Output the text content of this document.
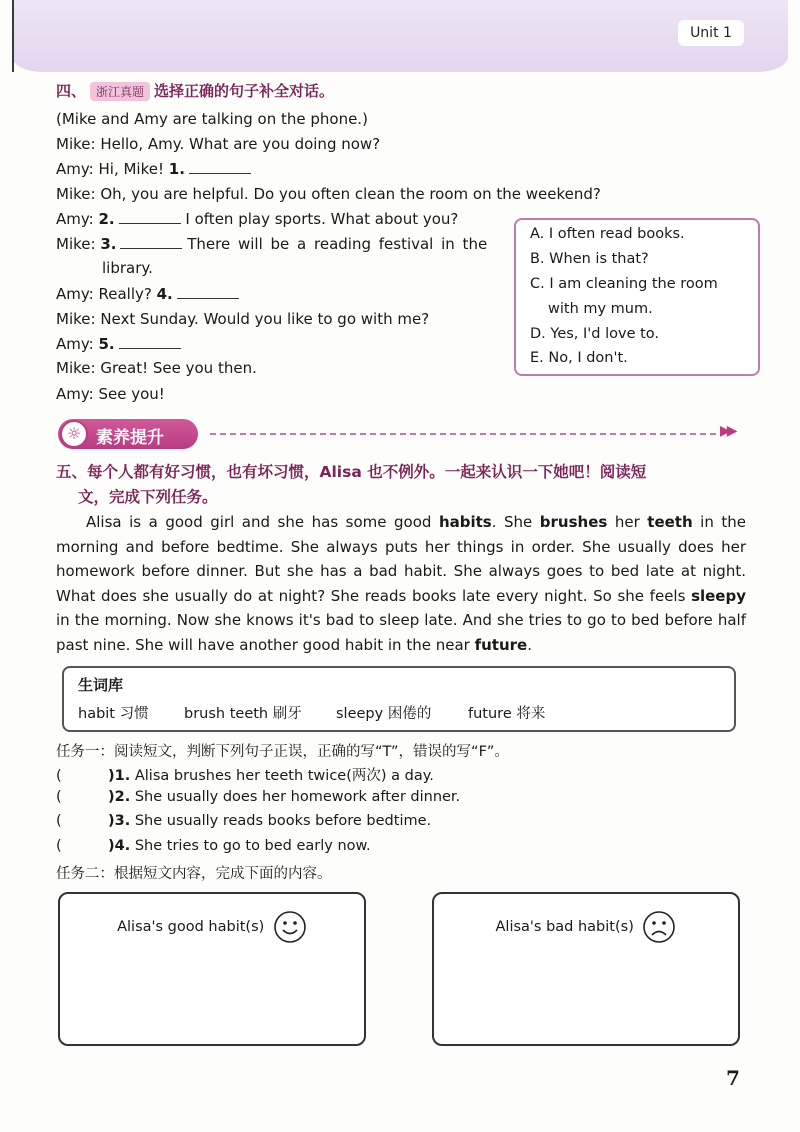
Unit 1
四、 浙江真题 选择正确的句子补全对话。
(Mike and Amy are talking on the phone.)
Mike: Hello, Amy. What are you doing now?
Amy: Hi, Mike! 1.
Mike: Oh, you are helpful. Do you often clean the room on the weekend?
Amy: 2.	I often play sports. What about you?
Mike: 3.	There will be a reading festival in the
library.
Amy: Really? 4.
Mike: Next Sunday. Would you like to go with me?
Amy: 5.
Mike: Great! See you then.
Amy: See you!
A. I often read books.
B. When is that?
C. I am cleaning the room
with my mum.
D. Yes, I'd love to.
E. No, I don't.
☼ 素养提升	▶▶
五、每个人都有好习惯，也有坏习惯，Alisa 也不例外。一起来认识一下她吧！阅读短
文，完成下列任务。
Alisa is a good girl and she has some good habits. She brushes her teeth in the morning and before bedtime. She always puts her things in order. She usually does her homework before dinner. But she has a bad habit. She always goes to bed late at night. What does she usually do at night? She reads books late every night. So she feels sleepy in the morning. Now she knows it's bad to sleep late. And she tries to go to bed before half past nine. She will have another good habit in the near future.
生词库
habit 习惯 brush teeth 刷牙 sleepy 困倦的	future 将来
任务一：阅读短文，判断下列句子正误，正确的写“T”，错误的写“F”。
(	)1. Alisa brushes her teeth twice(两次) a day.
(	)2. She usually does her homework after dinner.
(	)3. She usually reads books before bedtime.
(	)4. She tries to go to bed early now.
任务二：根据短文内容，完成下面的内容。
Alisa's good habit(s)	Alisa's bad habit(s)
7
